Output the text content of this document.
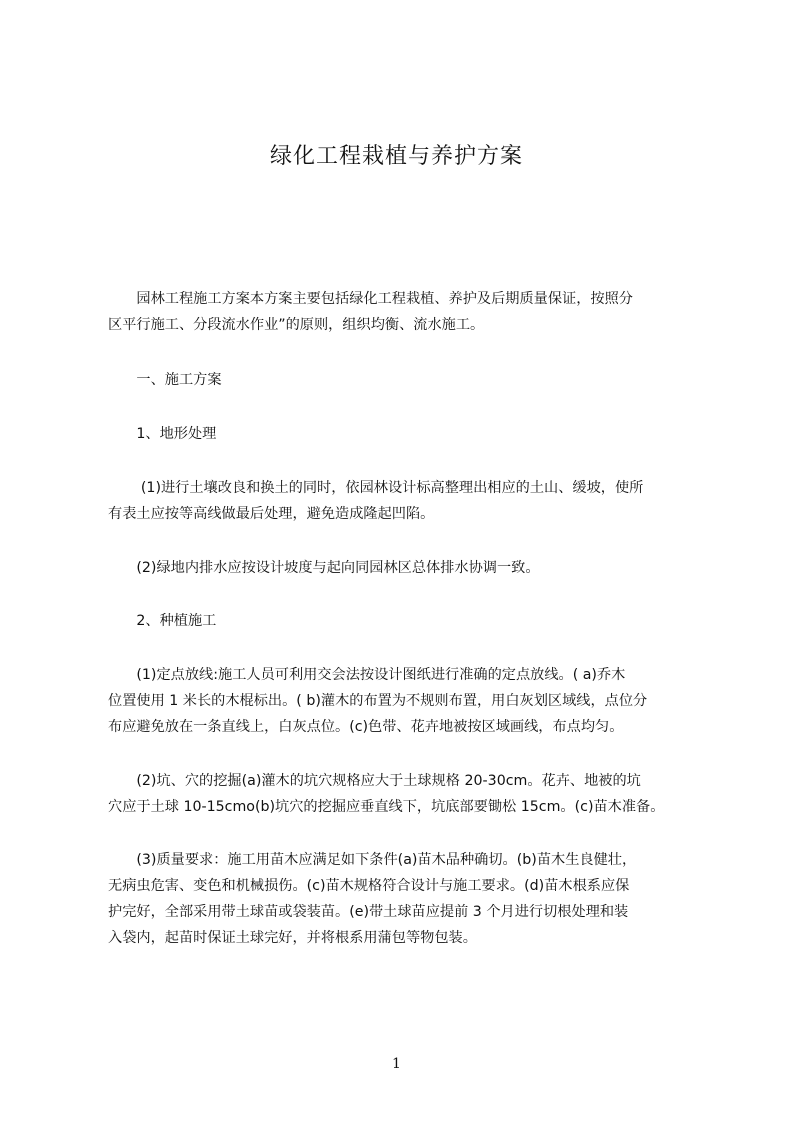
绿化工程栽植与养护方案
　　园林工程施工方案本方案主要包括绿化工程栽植、养护及后期质量保证，按照分
区平行施工、分段流水作业”的原则，组织均衡、流水施工。
　　一、施工方案
　　1、地形处理
　　 (1)进行土壤改良和换土的同时，依园林设计标高整理出相应的土山、缓坡，使所
有表土应按等高线做最后处理，避免造成隆起凹陷。
　　(2)绿地内排水应按设计坡度与起向同园林区总体排水协调一致。
　　2、种植施工
　　(1)定点放线:施工人员可利用交会法按设计图纸进行准确的定点放线。( a)乔木
位置使用 1 米长的木棍标出。( b)灌木的布置为不规则布置，用白灰划区域线，点位分
布应避免放在一条直线上，白灰点位。(c)色带、花卉地被按区域画线，布点均匀。
　　(2)坑、穴的挖掘(a)灌木的坑穴规格应大于土球规格 20-30cm。花卉、地被的坑
穴应于土球 10-15cmo(b)坑穴的挖掘应垂直线下，坑底部要锄松 15cm。(c)苗木准备。
　　(3)质量要求：施工用苗木应满足如下条件(a)苗木品种确切。(b)苗木生良健壮，
无病虫危害、变色和机械损伤。(c)苗木规格符合设计与施工要求。(d)苗木根系应保
护完好，全部采用带土球苗或袋装苗。(e)带土球苗应提前 3 个月进行切根处理和装
入袋内，起苗时保证土球完好，并将根系用蒲包等物包装。
1
